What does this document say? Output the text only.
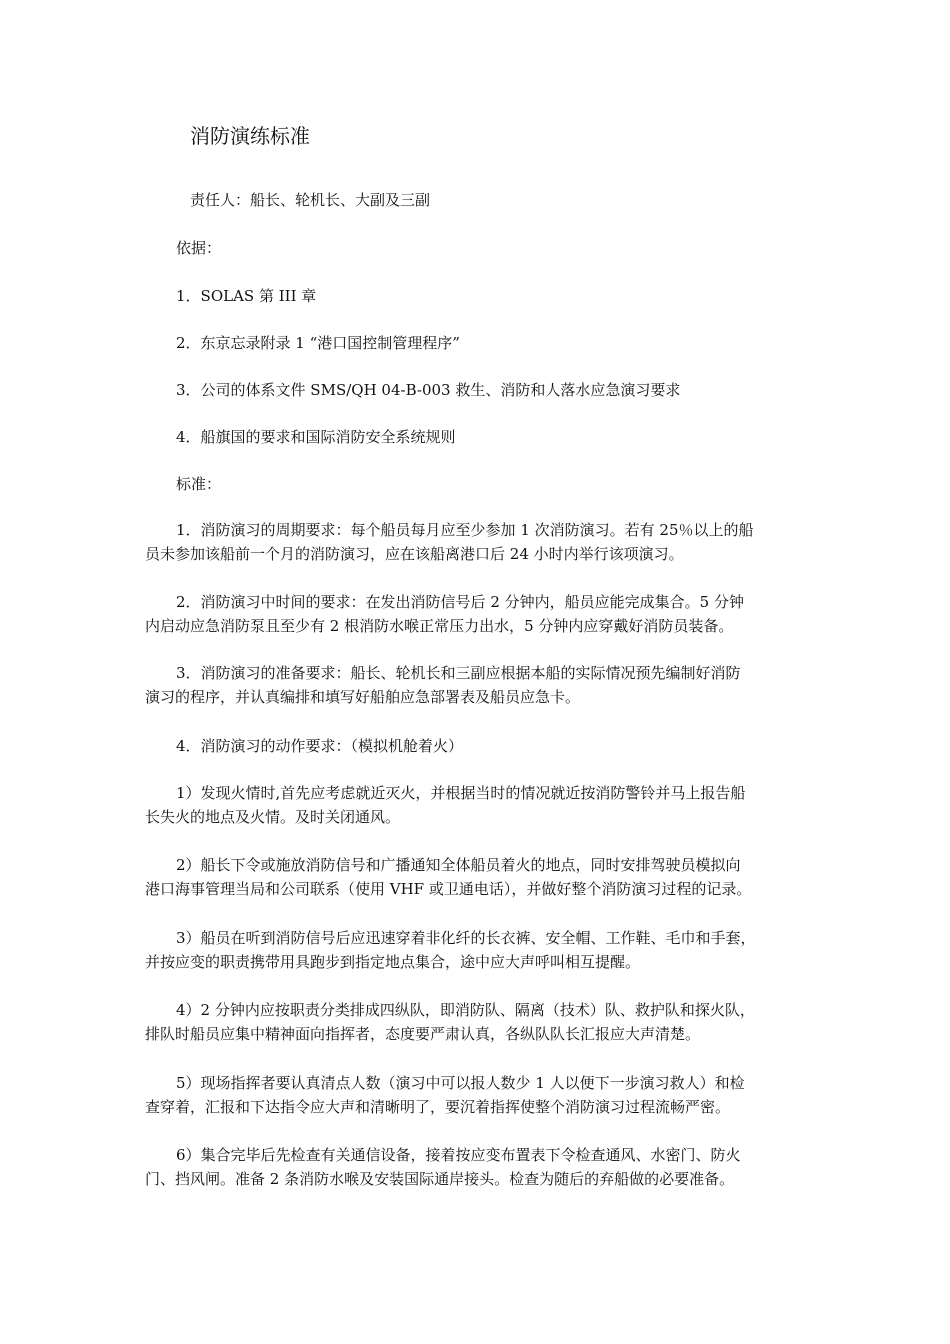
消防演练标准
责任人：船长、轮机长、大副及三副
依据：
1．SOLAS 第 III 章
2．东京忘录附录 1 “港口国控制管理程序”
3．公司的体系文件 SMS/QH 04-B-003 救生、消防和人落水应急演习要求
4．船旗国的要求和国际消防安全系统规则
标准：
1．消防演习的周期要求：每个船员每月应至少参加 1 次消防演习。若有 25％以上的船
员未参加该船前一个月的消防演习，应在该船离港口后 24 小时内举行该项演习。
2．消防演习中时间的要求：在发出消防信号后 2 分钟内，船员应能完成集合。5 分钟
内启动应急消防泵且至少有 2 根消防水喉正常压力出水，5 分钟内应穿戴好消防员装备。
3．消防演习的准备要求：船长、轮机长和三副应根据本船的实际情况预先编制好消防
演习的程序，并认真编排和填写好船舶应急部署表及船员应急卡。
4．消防演习的动作要求：（模拟机舱着火）
1）发现火情时,首先应考虑就近灭火，并根据当时的情况就近按消防警铃并马上报告船
长失火的地点及火情。及时关闭通风。
2）船长下令或施放消防信号和广播通知全体船员着火的地点，同时安排驾驶员模拟向
港口海事管理当局和公司联系（使用 VHF 或卫通电话），并做好整个消防演习过程的记录。
3）船员在听到消防信号后应迅速穿着非化纤的长衣裤、安全帽、工作鞋、毛巾和手套，
并按应变的职责携带用具跑步到指定地点集合，途中应大声呼叫相互提醒。
4）2 分钟内应按职责分类排成四纵队，即消防队、隔离（技术）队、救护队和探火队，
排队时船员应集中精神面向指挥者，态度要严肃认真，各纵队队长汇报应大声清楚。
5）现场指挥者要认真清点人数（演习中可以报人数少 1 人以便下一步演习救人）和检
查穿着，汇报和下达指令应大声和清晰明了，要沉着指挥使整个消防演习过程流畅严密。
6）集合完毕后先检查有关通信设备，接着按应变布置表下令检查通风、水密门、防火
门、挡风闸。准备 2 条消防水喉及安装国际通岸接头。检查为随后的弃船做的必要准备。
